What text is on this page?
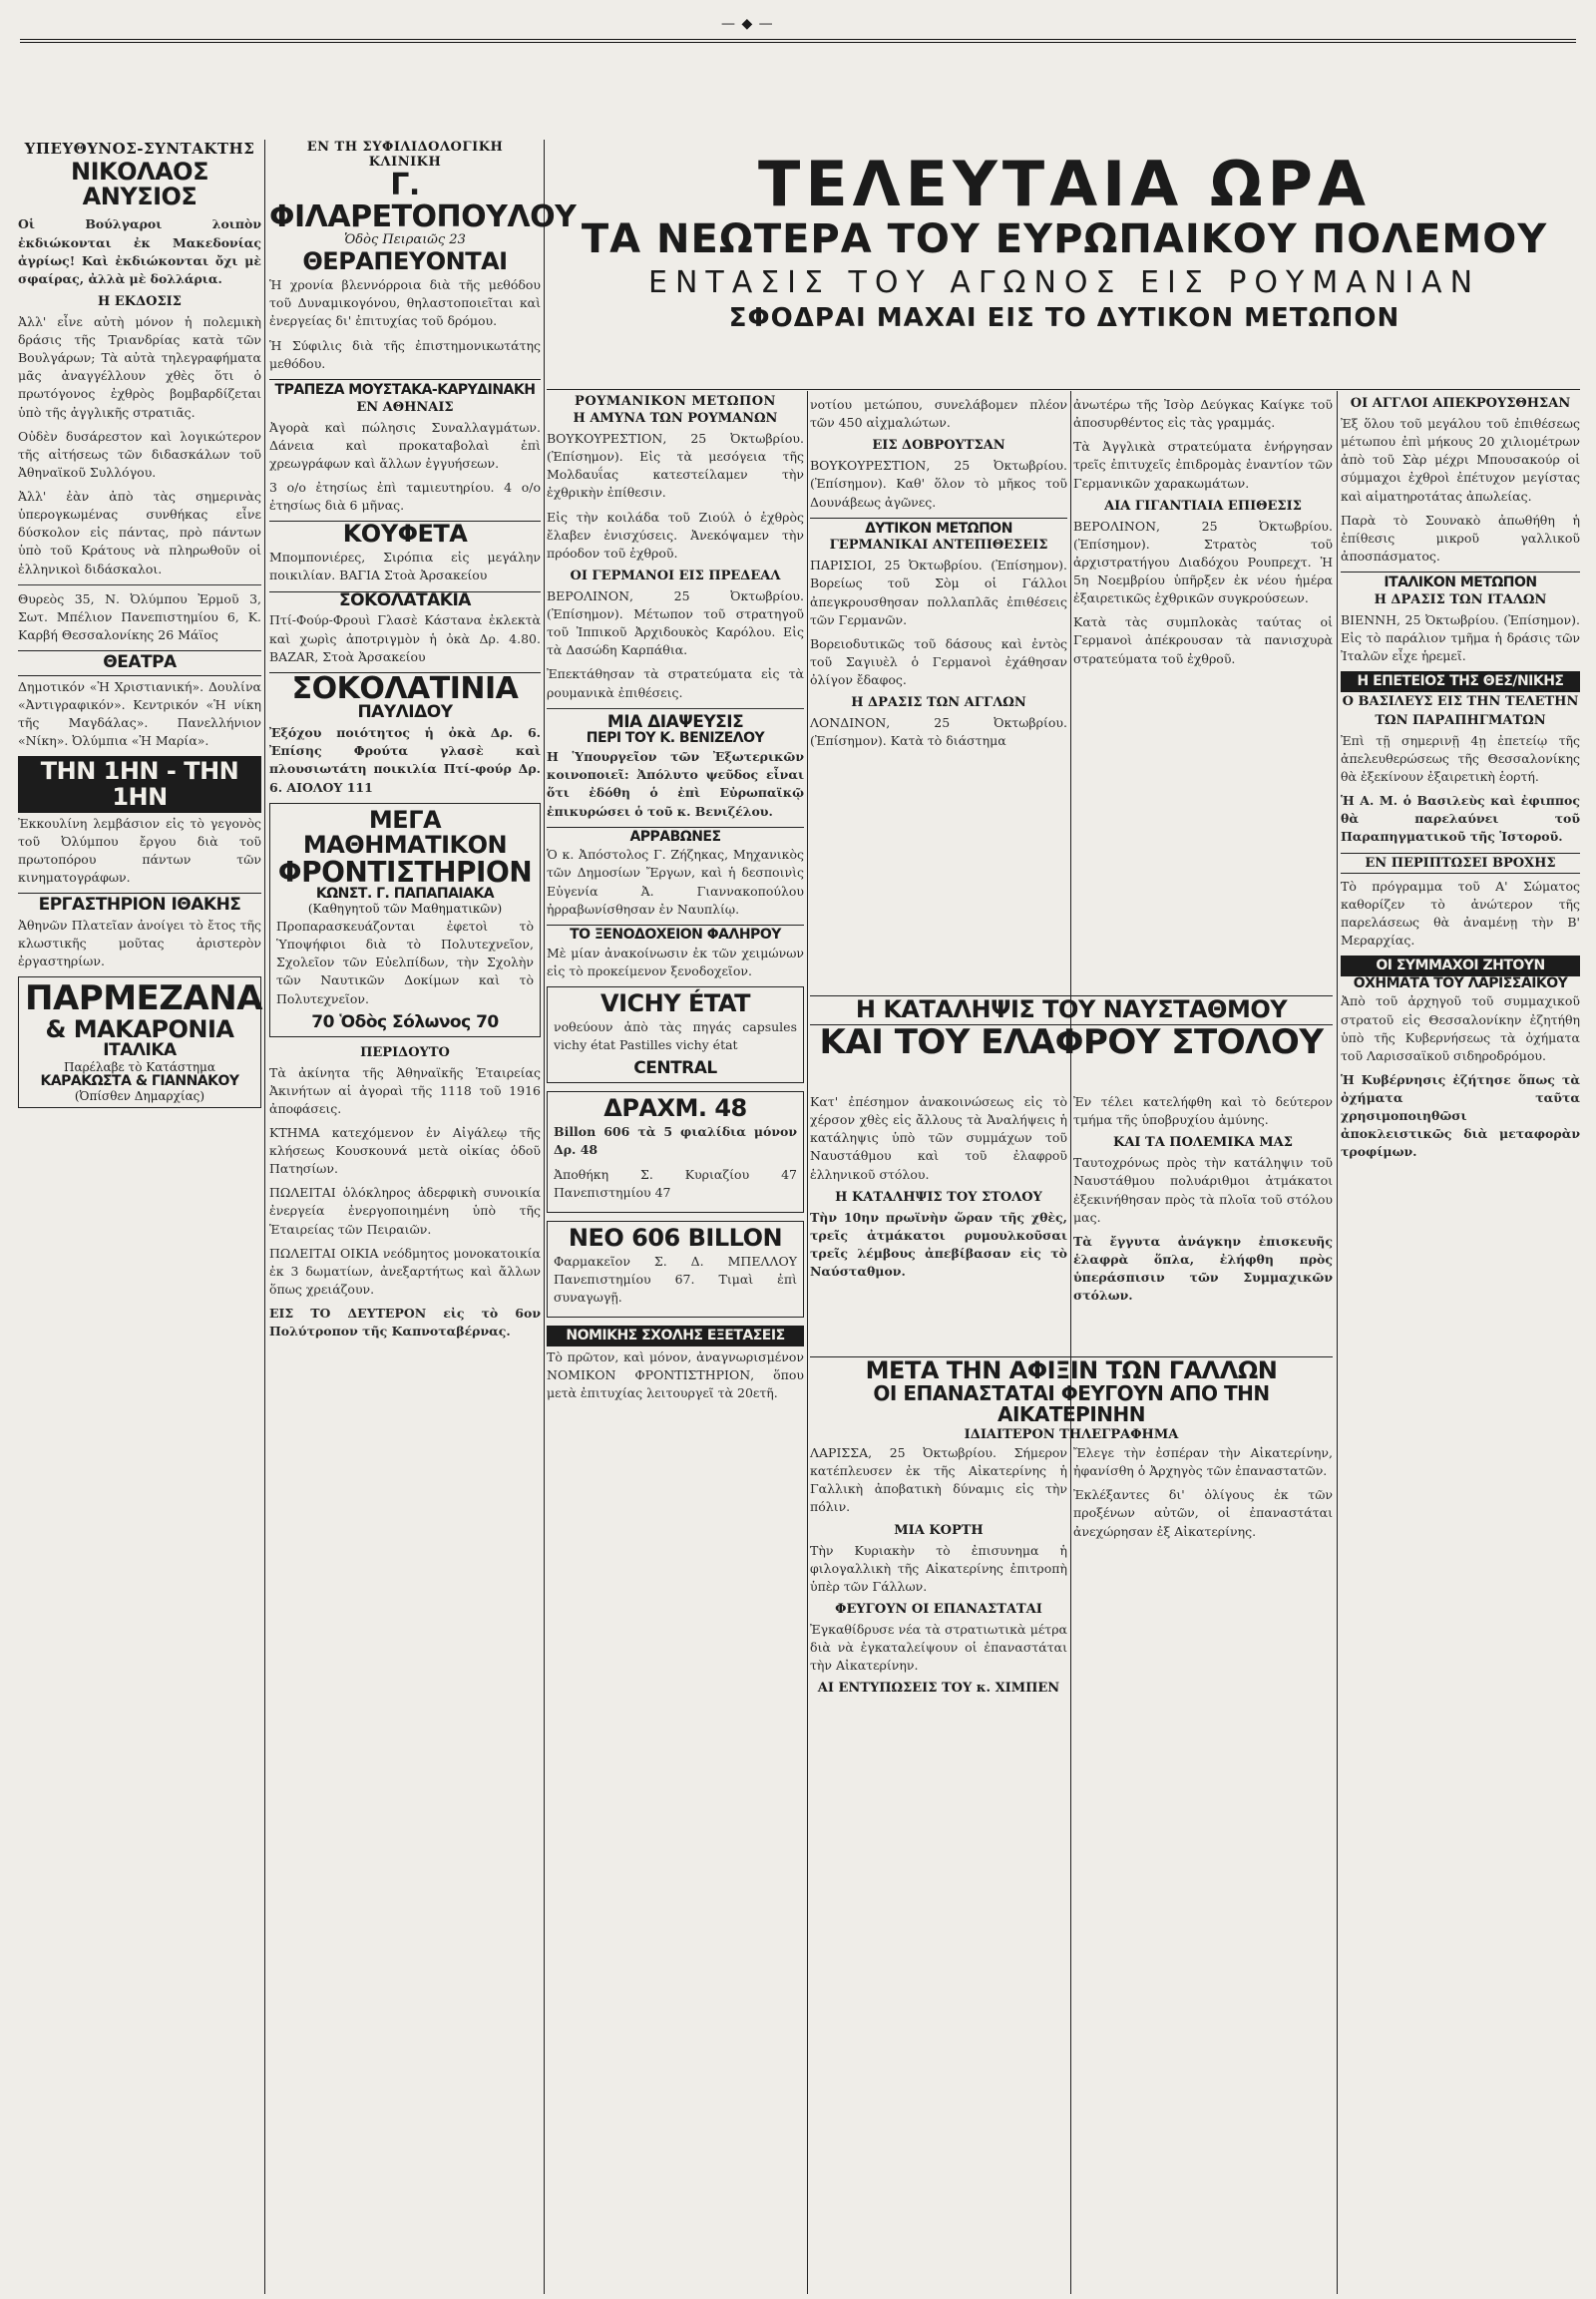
— ◆ —
ΤΕΛΕΥΤΑΙΑ ΩΡΑ
ΤΑ ΝΕΩΤΕΡΑ ΤΟΥ ΕΥΡΩΠΑΙΚΟΥ ΠΟΛΕΜΟΥ
ΕΝΤΑΣΙΣ ΤΟΥ ΑΓΩΝΟΣ ΕΙΣ ΡΟΥΜΑΝΙΑΝ
ΣΦΟΔΡΑΙ ΜΑΧΑΙ ΕΙΣ ΤΟ ΔΥΤΙΚΟΝ ΜΕΤΩΠΟΝ
ΥΠΕΥΘΥΝΟΣ-ΣΥΝΤΑΚΤΗΣ
ΝΙΚΟΛΑΟΣ ΑΝΥΣΙΟΣ

Οἱ Βούλγαροι λοιπὸν ἐκδιώκονται ἐκ Μακεδονίας ἀγρίως! Καὶ ἐκδιώκονται ὄχι μὲ σφαίρας, ἀλλὰ μὲ δολλάρια.

Η ΕΚΔΟΣΙΣ

Ἀλλ' εἶνε αὐτὴ μόνον ἡ πολεμικὴ δράσις τῆς Τριανδρίας κατὰ τῶν Βουλγάρων; Τὰ αὐτὰ τηλεγραφήματα μᾶς ἀναγγέλλουν χθὲς ὅτι ὁ πρωτόγονος ἐχθρὸς βομβαρδίζεται ὑπὸ τῆς ἀγγλικῆς στρατιᾶς.

Οὐδὲν δυσάρεστον καὶ λογικώτερον τῆς αἰτήσεως τῶν διδασκάλων τοῦ Ἀθηναϊκοῦ Συλλόγου.

Ἀλλ' ἐὰν ἀπὸ τὰς σημερινὰς ὑπερογκωμένας συνθήκας εἶνε δύσκολον εἰς πάντας, πρὸ πάντων ὑπὸ τοῦ Κράτους νὰ πληρωθοῦν οἱ ἐλληνικοὶ διδάσκαλοι.

Θυρεὸς 35, Ν. Ὀλύμπου Ἐρμοῦ 3, Σωτ. Μπέλιον Πανεπιστημίου 6, Κ. Καρβή Θεσσαλονίκης 26 Μάϊος

ΘΕΑΤΡΑ

Δημοτικόν «Ἡ Χριστιανική». Δουλίνα «Ἀντιγραφικόν». Κεντρικόν «Ἡ νίκη τῆς Μαγδάλας». Πανελλήνιον «Νίκη». Ὀλύμπια «Ἡ Μαρία».

ΤΗΝ 1ΗΝ - ΤΗΝ 1ΗΝ

Ἐκκουλίνη λεμβάσιον εἰς τὸ γεγονὸς τοῦ Ὀλύμπου ἔργου διὰ τοῦ πρωτοπόρου πάντων τῶν κινηματογράφων.

ΕΡΓΑΣΤΗΡΙΟΝ ΙΘΑΚΗΣ

Ἀθηνῶν Πλατεῖαν ἀνοίγει τὸ ἔτος τῆς κλωστικῆς μοῦτας ἀριστερὸν ἐργαστηρίων.

ΠΑΡΜΕΖΑΝΑ
& ΜΑΚΑΡΟΝΙΑ
ΙΤΑΛΙΚΑ
Παρέλαβε τὸ Κατάστημα
ΚΑΡΑΚΩΣΤΑ & ΓΙΑΝΝΑΚΟΥ
(Ὀπίσθεν Δημαρχίας)
ΕΝ ΤΗ ΣΥΦΙΛΙΔΟΛΟΓΙΚΗ ΚΛΙΝΙΚΗ
Γ. ΦΙΛΑΡΕΤΟΠΟΥΛΟΥ
Ὁδὸς Πειραιῶς 23
ΘΕΡΑΠΕΥΟΝΤΑΙ

Ἡ χρονία βλεννόρροια διὰ τῆς μεθόδου τοῦ Δυναμικογόνου, θηλαστοποιεῖται καὶ ἐνεργείας δι' ἐπιτυχίας τοῦ δρόμου.

Ἡ Σύφιλις διὰ τῆς ἐπιστημονικωτάτης μεθόδου.

ΤΡΑΠΕΖΑ ΜΟΥΣΤΑΚΑ-ΚΑΡΥΔΙΝΑΚΗ
ΕΝ ΑΘΗΝΑΙΣ

Ἀγορὰ καὶ πώλησις Συναλλαγμάτων. Δάνεια καὶ προκαταβολαὶ ἐπὶ χρεωγράφων καὶ ἄλλων ἐγγυήσεων.

3 ο/ο ἐτησίως ἐπὶ ταμιευτηρίου. 4 ο/ο ἐτησίως διὰ 6 μῆνας.

ΚΟΥΦΕΤΑ

Μπομπονιέρες, Σιρόπια εἰς μεγάλην ποικιλίαν. ΒΑΓΙΑ Στοὰ Ἀρσακείου

ΣΟΚΟΛΑΤΑΚΙΑ

Πτί-Φούρ-Φρουὶ Γλασὲ Κάστανα ἐκλεκτὰ καὶ χωρὶς ἀποτριγμὸν ἡ ὀκὰ Δρ. 4.80. BAZAR, Στοὰ Ἀρσακείου

ΣΟΚΟΛΑΤΙΝΙΑ
ΠΑΥΛΙΔΟΥ

Ἐξόχου ποιότητος ἡ ὀκὰ Δρ. 6. Ἐπίσης Φρούτα γλασὲ καὶ πλουσιωτάτη ποικιλία Πτί-φούρ Δρ. 6. ΑΙΟΛΟΥ 111

ΜΕΓΑ
ΜΑΘΗΜΑΤΙΚΟΝ
ΦΡΟΝΤΙΣΤΗΡΙΟΝ
ΚΩΝΣΤ. Γ. ΠΑΠΑΠΑΙΑΚΑ
(Καθηγητοῦ τῶν Μαθηματικῶν)

Προπαρασκευάζονται ἐφετοὶ τὸ Ὑποψήφιοι διὰ τὸ Πολυτεχνεῖον, Σχολεῖον τῶν Εὐελπίδων, τὴν Σχολὴν τῶν Ναυτικῶν Δοκίμων καὶ τὸ Πολυτεχνεῖον.

70 Ὁδὸς Σόλωνος 70
ΠΕΡΙΔΟΥΤΟ

Τὰ ἀκίνητα τῆς Ἀθηναϊκῆς Ἑταιρείας Ἀκινήτων αἱ ἀγοραὶ τῆς 1118 τοῦ 1916 ἀποφάσεις.

ΚΤΗΜΑ κατεχόμενον ἐν Αἰγάλεῳ τῆς κλήσεως Κουσκουνά μετὰ οἰκίας ὁδοῦ Πατησίων.

ΠΩΛΕΙΤΑΙ ὁλόκληρος ἀδερφικὴ συνοικία ἐνεργεία ἐνεργοποιημένη ὑπὸ τῆς Ἑταιρείας τῶν Πειραιῶν.

ΠΩΛΕΙΤΑΙ ΟΙΚΙΑ νεόδμητος μονοκατοικία ἐκ 3 δωματίων, ἀνεξαρτήτως καὶ ἄλλων ὅπως χρειάζουν.

ΕΙΣ ΤΟ ΔΕΥΤΕΡΟΝ εἰς τὸ 6ον Πολύτροπον τῆς Καπνοταβέρνας.

ΡΟΥΜΑΝΙΚΟΝ ΜΕΤΩΠΟΝ
Η ΑΜΥΝΑ ΤΩΝ ΡΟΥΜΑΝΩΝ

ΒΟΥΚΟΥΡΕΣΤΙΟΝ, 25 Ὀκτωβρίου. (Ἐπίσημον). Εἰς τὰ μεσόγεια τῆς Μολδαυΐας κατεστείλαμεν τὴν ἐχθρικὴν ἐπίθεσιν.

Εἰς τὴν κοιλάδα τοῦ Ζιούλ ὁ ἐχθρὸς ἔλαβεν ἐνισχύσεις. Ἀνεκόψαμεν τὴν πρόοδον τοῦ ἐχθροῦ.

ΟΙ ΓΕΡΜΑΝΟΙ ΕΙΣ ΠΡΕΔΕΑΛ

ΒΕΡΟΛΙΝΟΝ, 25 Ὀκτωβρίου. (Ἐπίσημον). Μέτωπον τοῦ στρατηγοῦ τοῦ Ἰππικοῦ Ἀρχιδουκὸς Καρόλου. Εἰς τὰ Δασώδη Καρπάθια.

Ἐπεκτάθησαν τὰ στρατεύματα εἰς τὰ ρουμανικὰ ἐπιθέσεις.

ΜΙΑ ΔΙΑΨΕΥΣΙΣ
ΠΕΡΙ ΤΟΥ Κ. ΒΕΝΙΖΕΛΟΥ

Η Ὑπουργεῖον τῶν Ἐξωτερικῶν κοινοποιεῖ: Ἀπόλυτο ψεῦδος εἶναι ὅτι ἐδόθη ὁ ἐπὶ Εὐρωπαϊκῷ ἐπικυρώσει ὁ τοῦ κ. Βενιζέλου.

ΑΡΡΑΒΩΝΕΣ

Ὁ κ. Ἀπόστολος Γ. Ζήζηκας, Μηχανικὸς τῶν Δημοσίων Ἔργων, καὶ ἡ δεσποινὶς Εὐγενία Ἀ. Γιαννακοπούλου ἠρραβωνίσθησαν ἐν Ναυπλίῳ.

ΤΟ ΞΕΝΟΔΟΧΕΙΟΝ ΦΑΛΗΡΟΥ

Μὲ μίαν ἀνακοίνωσιν ἐκ τῶν χειμώνων εἰς τὸ προκείμενον ξενοδοχεῖον.

VICHY ÉTAT

νοθεύουν ἀπὸ τὰς πηγάς capsules vichy état Pastilles vichy état

CENTRAL
ΔΡΑΧΜ. 48

Billon 606 τὰ 5 φιαλίδια μόνον Δρ. 48

Ἀποθήκη Σ. Κυριαζίου 47 Πανεπιστημίου 47

ΝΕΟ 606 BILLON

Φαρμακεῖον Σ. Δ. ΜΠΕΛΛΟΥ Πανεπιστημίου 67. Τιμαὶ ἐπὶ συναγωγῇ.

ΝΟΜΙΚΗΣ ΣΧΟΛΗΣ ΕΞΕΤΑΣΕΙΣ

Τὸ πρῶτον, καὶ μόνον, ἀναγνωρισμένον ΝΟΜΙΚΟΝ ΦΡΟΝΤΙΣΤΗΡΙΟΝ, ὅπου μετὰ ἐπιτυχίας λειτουργεῖ τὰ 20ετῆ.

νοτίου μετώπου, συνελάβομεν πλέον τῶν 450 αἰχμαλώτων.

ΕΙΣ ΔΟΒΡΟΥΤΣΑΝ

ΒΟΥΚΟΥΡΕΣΤΙΟΝ, 25 Ὀκτωβρίου. (Ἐπίσημον). Καθ' ὅλον τὸ μῆκος τοῦ Δουνάβεως ἀγῶνες.

ΔΥΤΙΚΟΝ ΜΕΤΩΠΟΝ
ΓΕΡΜΑΝΙΚΑΙ ΑΝΤΕΠΙΘΕΣΕΙΣ

ΠΑΡΙΣΙΟΙ, 25 Ὀκτωβρίου. (Ἐπίσημον). Βορείως τοῦ Σὸμ οἱ Γάλλοι ἀπεγκρουσθησαν πολλαπλᾶς ἐπιθέσεις τῶν Γερμανῶν.

Βορειοδυτικῶς τοῦ δάσους καὶ ἐντὸς τοῦ Σαγιυὲλ ὁ Γερμανοὶ ἐχάθησαν ὀλίγον ἔδαφος.

Η ΔΡΑΣΙΣ ΤΩΝ ΑΓΓΛΩΝ

ΛΟΝΔΙΝΟΝ, 25 Ὀκτωβρίου. (Ἐπίσημον). Κατὰ τὸ διάστημα

ἀνωτέρω τῆς Ἰσὸρ Δεύγκας Καίγκε τοῦ ἀποσυρθέντος εἰς τὰς γραμμάς.

Τὰ Ἀγγλικὰ στρατεύματα ἐνήργησαν τρεῖς ἐπιτυχεῖς ἐπιδρομὰς ἐναντίον τῶν Γερμανικῶν χαρακωμάτων.

ΑΙΑ ΓΙΓΑΝΤΙΑΙΑ ΕΠΙΘΕΣΙΣ

ΒΕΡΟΛΙΝΟΝ, 25 Ὀκτωβρίου. (Ἐπίσημον). Στρατὸς τοῦ ἀρχιστρατήγου Διαδόχου Ρουπρεχτ. Ἡ 5η Νοεμβρίου ὑπῆρξεν ἐκ νέου ἡμέρα ἐξαιρετικῶς ἐχθρικῶν συγκρούσεων.

Κατὰ τὰς συμπλοκὰς ταύτας οἱ Γερμανοὶ ἀπέκρουσαν τὰ πανισχυρὰ στρατεύματα τοῦ ἐχθροῦ.

Η ΚΑΤΑΛΗΨΙΣ ΤΟΥ ΝΑΥΣΤΑΘΜΟΥ
ΚΑΙ ΤΟΥ ΕΛΑΦΡΟΥ ΣΤΟΛΟΥ

Κατ' ἐπέσημον ἀνακοινώσεως εἰς τὸ χέρσον χθὲς εἰς ἄλλους τὰ Ἀναλήψεις ἡ κατάληψις ὑπὸ τῶν συμμάχων τοῦ Ναυστάθμου καὶ τοῦ ἐλαφροῦ ἑλληνικοῦ στόλου.

Η ΚΑΤΑΛΗΨΙΣ ΤΟΥ ΣΤΟΛΟΥ

Τὴν 10ην πρωϊνὴν ὥραν τῆς χθὲς, τρεῖς ἀτμάκατοι ρυμουλκοῦσαι τρεῖς λέμβους ἀπεβίβασαν εἰς τὸ Ναύσταθμον.

Ἐν τέλει κατελήφθη καὶ τὸ δεύτερον τμήμα τῆς ὑποβρυχίου ἀμύνης.

ΚΑΙ ΤΑ ΠΟΛΕΜΙΚΑ ΜΑΣ

Ταυτοχρόνως πρὸς τὴν κατάληψιν τοῦ Ναυστάθμου πολυάριθμοι ἀτμάκατοι ἐξεκινήθησαν πρὸς τὰ πλοῖα τοῦ στόλου μας.

Τὰ ἔγγυτα ἀνάγκην ἐπισκευῆς ἑλαφρὰ ὅπλα, ἐλήφθη πρὸς ὑπεράσπισιν τῶν Συμμαχικῶν στόλων.

ΜΕΤΑ ΤΗΝ ΑΦΙΞΙΝ ΤΩΝ ΓΑΛΛΩΝ
ΟΙ ΕΠΑΝΑΣΤΑΤΑΙ ΦΕΥΓΟΥΝ ΑΠΟ ΤΗΝ ΑΙΚΑΤΕΡΙΝΗΝ
ΙΔΙΑΙΤΕΡΟΝ ΤΗΛΕΓΡΑΦΗΜΑ

ΛΑΡΙΣΣΑ, 25 Ὀκτωβρίου. Σήμερον κατέπλευσεν ἐκ τῆς Αἰκατερίνης ἡ Γαλλικὴ ἀποβατικὴ δύναμις εἰς τὴν πόλιν.

ΜΙΑ ΚΟΡΤΗ

Τὴν Κυριακὴν τὸ ἐπισυνημα ἡ φιλογαλλικὴ τῆς Αἰκατερίνης ἐπιτροπὴ ὑπὲρ τῶν Γάλλων.

ΦΕΥΓΟΥΝ ΟΙ ΕΠΑΝΑΣΤΑΤΑΙ

Ἐγκαθίδρυσε νέα τὰ στρατιωτικὰ μέτρα διὰ νὰ ἐγκαταλείψουν οἱ ἐπαναστάται τὴν Αἰκατερίνην.

ΑΙ ΕΝΤΥΠΩΣΕΙΣ ΤΟΥ κ. ΧΙΜΠΕΝ

Ἔλεγε τὴν ἐσπέραν τὴν Αἰκατερίνην, ἠφανίσθη ὁ Ἀρχηγὸς τῶν ἐπαναστατῶν.

Ἐκλέξαντες δι' ὀλίγους ἐκ τῶν προξένων αὐτῶν, οἱ ἐπαναστάται ἀνεχώρησαν ἐξ Αἰκατερίνης.

ΟΙ ΑΓΓΛΟΙ ΑΠΕΚΡΟΥΣΘΗΣΑΝ

Ἐξ ὅλου τοῦ μεγάλου τοῦ ἐπιθέσεως μέτωπου ἐπὶ μήκους 20 χιλιομέτρων ἀπὸ τοῦ Σὰρ μέχρι Μπουσακούρ οἱ σύμμαχοι ἐχθροὶ ἐπέτυχον μεγίστας καὶ αἱματηροτάτας ἀπωλείας.

Παρὰ τὸ Σουνακὸ ἀπωθήθη ἡ ἐπίθεσις μικροῦ γαλλικοῦ ἀποσπάσματος.

ΙΤΑΛΙΚΟΝ ΜΕΤΩΠΟΝ
Η ΔΡΑΣΙΣ ΤΩΝ ΙΤΑΛΩΝ

ΒΙΕΝΝΗ, 25 Ὀκτωβρίου. (Ἐπίσημον). Εἰς τὸ παράλιον τμῆμα ἡ δράσις τῶν Ἰταλῶν εἶχε ἡρεμεῖ.

Η ΕΠΕΤΕΙΟΣ ΤΗΣ ΘΕΣ/ΝΙΚΗΣ
Ο ΒΑΣΙΛΕΥΣ ΕΙΣ ΤΗΝ ΤΕΛΕΤΗΝ
ΤΩΝ ΠΑΡΑΠΗΓΜΑΤΩΝ

Ἐπὶ τῇ σημερινῇ 4ῃ ἐπετείῳ τῆς ἀπελευθερώσεως τῆς Θεσσαλονίκης θὰ ἐξεκίνουν ἐξαιρετικὴ ἑορτή.

Ἡ Α. Μ. ὁ Βασιλεὺς καὶ ἐφιππος θὰ παρελαύνει τοῦ Παραπηγματικοῦ τῆς Ἱστοροῦ.

ΕΝ ΠΕΡΙΠΤΩΣΕΙ ΒΡΟΧΗΣ

Τὸ πρόγραμμα τοῦ Α' Σώματος καθορίζεν τὸ ἀνώτερον τῆς παρελάσεως θὰ ἀναμένῃ τὴν Β' Μεραρχίας.

ΟΙ ΣΥΜΜΑΧΟΙ ΖΗΤΟΥΝ
ΟΧΗΜΑΤΑ ΤΟΥ ΛΑΡΙΣΣΑΪΚΟΥ

Ἀπὸ τοῦ ἀρχηγοῦ τοῦ συμμαχικοῦ στρατοῦ εἰς Θεσσαλονίκην ἐζητήθη ὑπὸ τῆς Κυβερνήσεως τὰ ὀχήματα τοῦ Λαρισσαϊκοῦ σιδηροδρόμου.

Ἡ Κυβέρνησις ἐζήτησε ὅπως τὰ ὀχήματα ταῦτα χρησιμοποιηθῶσι ἀποκλειστικῶς διὰ μεταφορὰν τροφίμων.
